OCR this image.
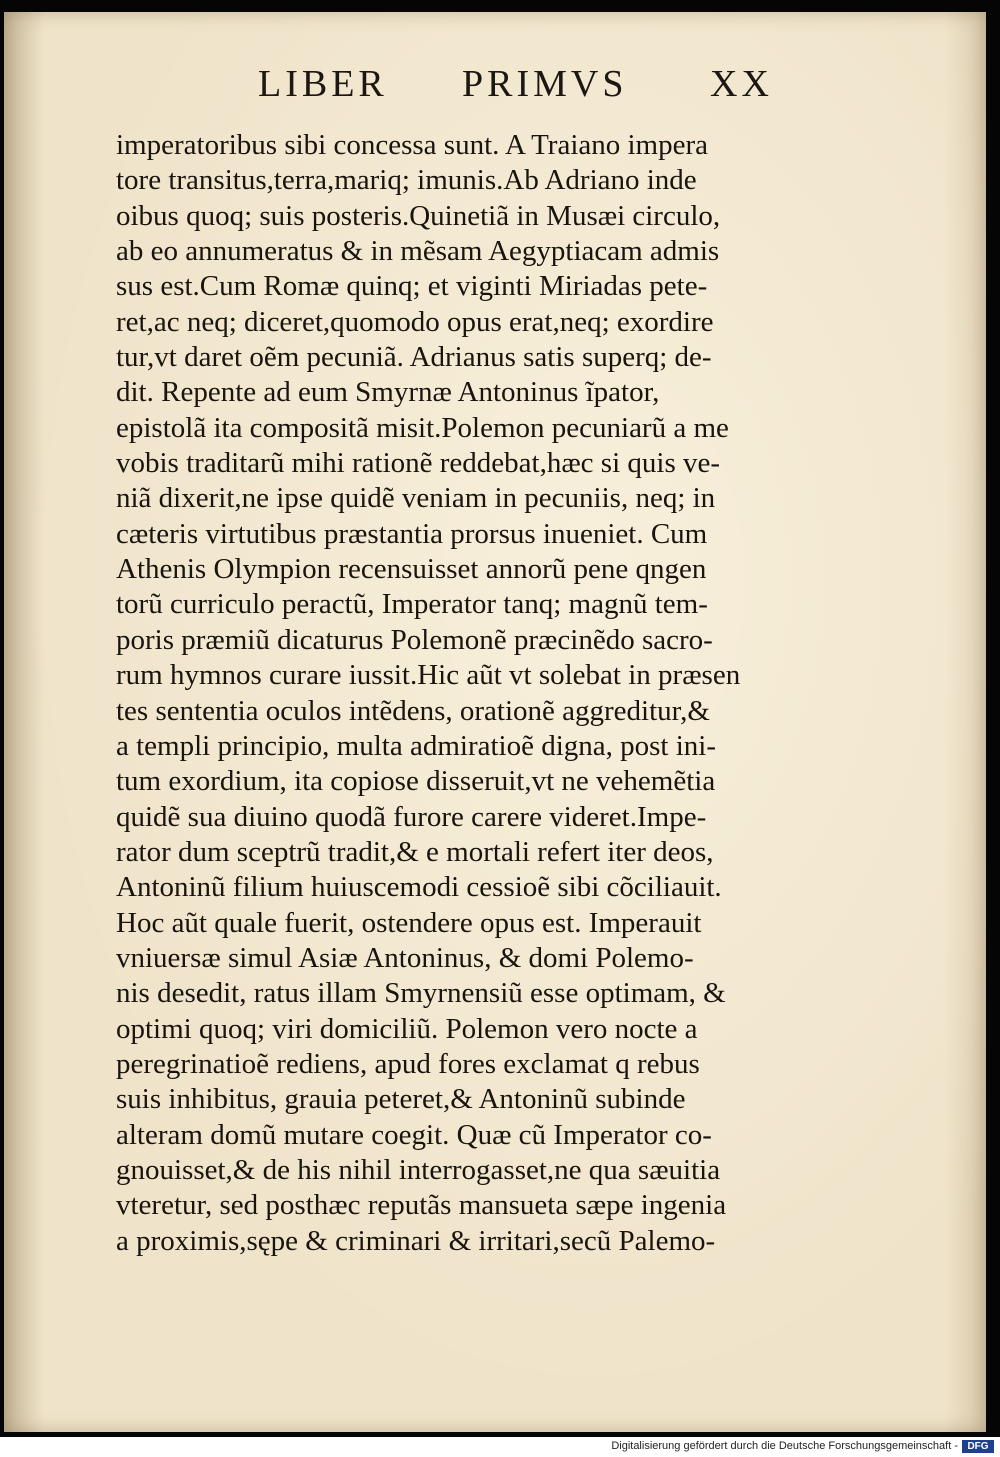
LIBER PRIMVS XX
imperatoribus sibi concessa sunt. A Traiano impera
tore transitus,terra,mariq; imunis.Ab Adriano inde
oibus quoq; suis posteris.Quinetiã in Musæi circulo,
ab eo annumeratus & in mẽsam Aegyptiacam admis
sus est.Cum Romæ quinq; et viginti Miriadas pete-
ret,ac neq; diceret,quomodo opus erat,neq; exordire
tur,vt daret oẽm pecuniã. Adrianus satis superq; de-
dit. Repente ad eum Smyrnæ Antoninus ĩpator,
epistolã ita compositã misit.Polemon pecuniarũ a me
vobis traditarũ mihi rationẽ reddebat,hæc si quis ve-
niã dixerit,ne ipse quidẽ veniam in pecuniis, neq; in
cæteris virtutibus præstantia prorsus inueniet. Cum
Athenis Olympion recensuisset annorũ pene qngen
torũ curriculo peractũ, Imperator tanq; magnũ tem-
poris præmiũ dicaturus Polemonẽ præcinẽdo sacro-
rum hymnos curare iussit.Hic aũt vt solebat in præsen
tes sententia oculos intẽdens, orationẽ aggreditur,&
a templi principio, multa admiratioẽ digna, post ini-
tum exordium, ita copiose disseruit,vt ne vehemẽtia
quidẽ sua diuino quodã furore carere videret.Impe-
rator dum sceptrũ tradit,& e mortali refert iter deos,
Antoninũ filium huiuscemodi cessioẽ sibi cõciliauit.
Hoc aũt quale fuerit, ostendere opus est. Imperauit
vniuersæ simul Asiæ Antoninus, & domi Polemo-
nis desedit, ratus illam Smyrnensiũ esse optimam, &
optimi quoq; viri domiciliũ. Polemon vero nocte a
peregrinatioẽ rediens, apud fores exclamat q rebus
suis inhibitus, grauia peteret,& Antoninũ subinde
alteram domũ mutare coegit. Quæ cũ Imperator co-
gnouisset,& de his nihil interrogasset,ne qua sæuitia
vteretur, sed posthæc reputãs mansueta sæpe ingenia
a proximis,sępe & criminari & irritari,secũ Palemo-
Digitalisierung gefördert durch die Deutsche Forschungsgemeinschaft - DFG
